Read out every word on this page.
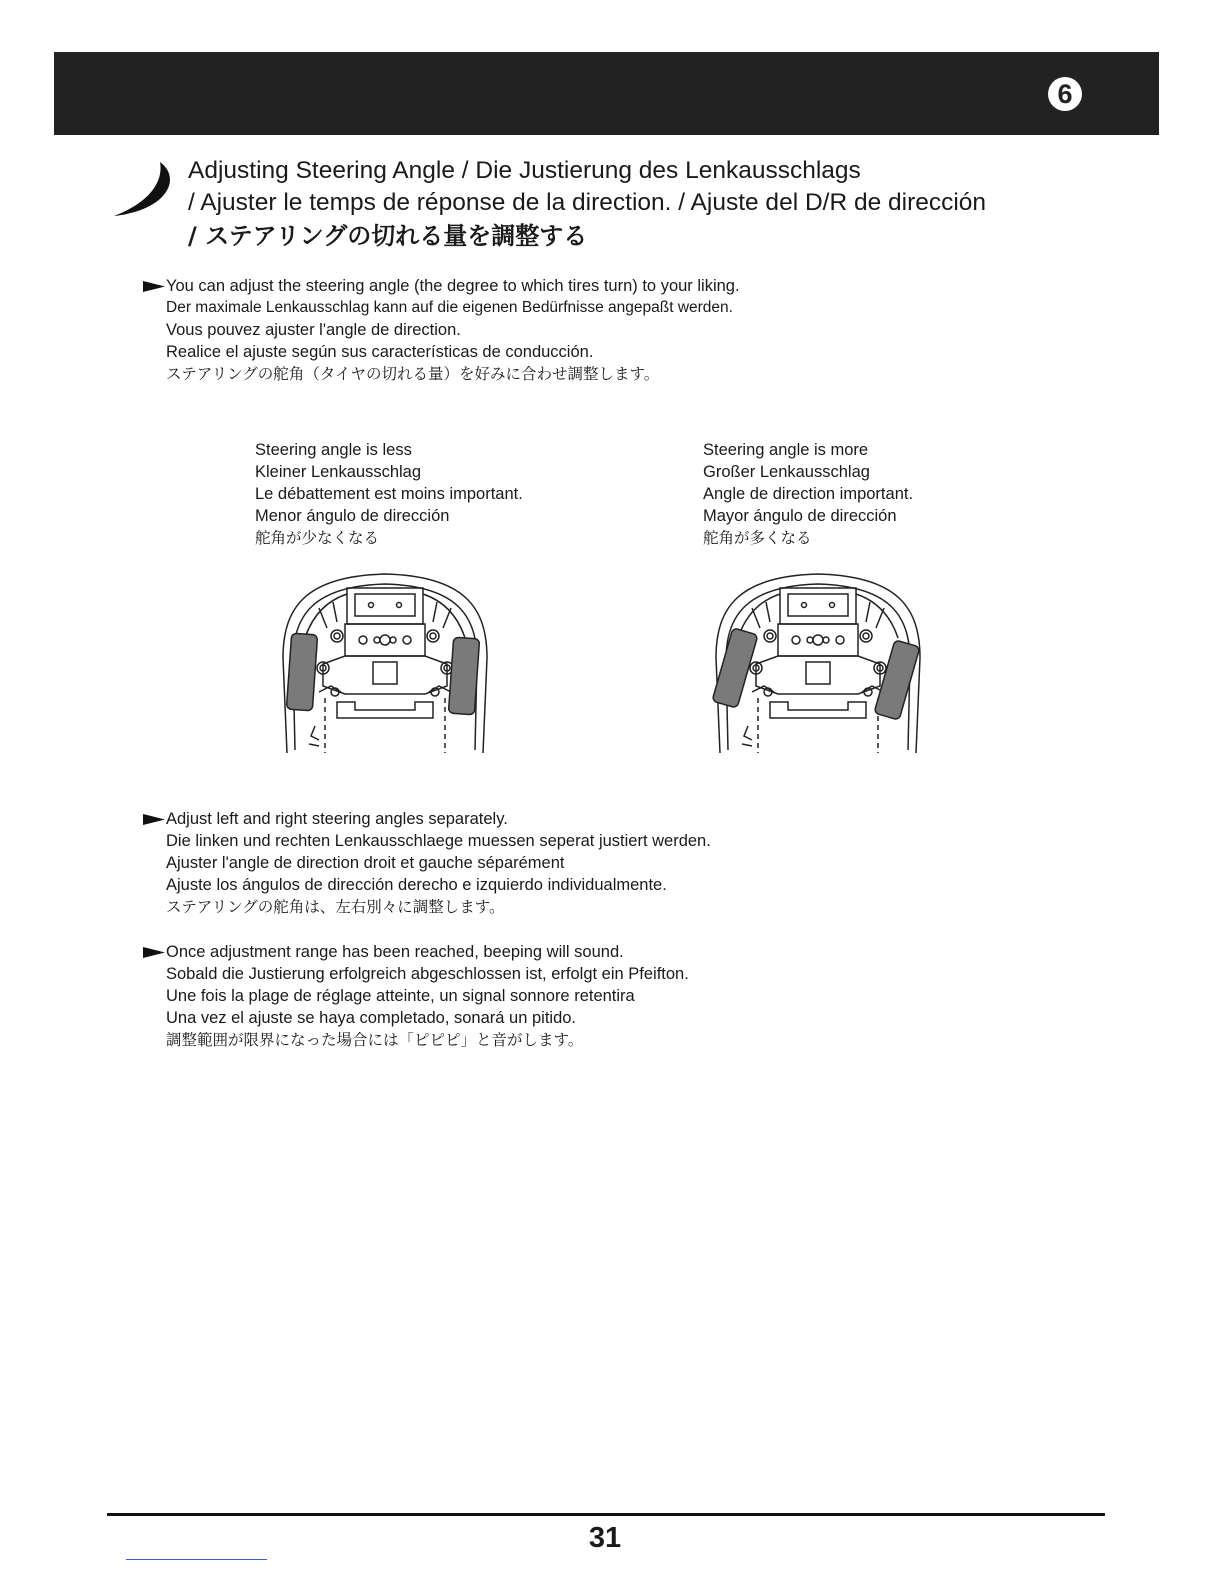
6
Adjusting Steering Angle / Die Justierung des Lenkausschlags
/ Ajuster le temps de réponse de la direction. / Ajuste del D/R de dirección
/ ステアリングの切れる量を調整する
You can adjust the steering angle (the degree to which tires turn) to your liking.
Der maximale Lenkausschlag kann auf die eigenen Bedürfnisse angepaßt werden.
Vous pouvez ajuster l'angle de direction.
Realice el ajuste según sus características de conducción.
ステアリングの舵角（タイヤの切れる量）を好みに合わせ調整します。
Steering angle is less
Kleiner Lenkausschlag
Le débattement est moins important.
Menor ángulo de dirección
舵角が少なくなる
Steering angle is more
Großer Lenkausschlag
Angle de direction important.
Mayor ángulo de dirección
舵角が多くなる
Adjust left and right steering angles separately.
Die linken und rechten Lenkausschlaege muessen seperat justiert werden.
Ajuster l'angle de direction droit et gauche séparément
Ajuste los ángulos de dirección derecho e izquierdo individualmente.
ステアリングの舵角は、左右別々に調整します。
Once adjustment range has been reached, beeping will sound.
Sobald die Justierung erfolgreich abgeschlossen ist, erfolgt ein Pfeifton.
Une fois la plage de réglage atteinte, un signal sonnore retentira
Una vez el ajuste se haya completado, sonará un pitido.
調整範囲が限界になった場合には「ピピピ」と音がします。
31
